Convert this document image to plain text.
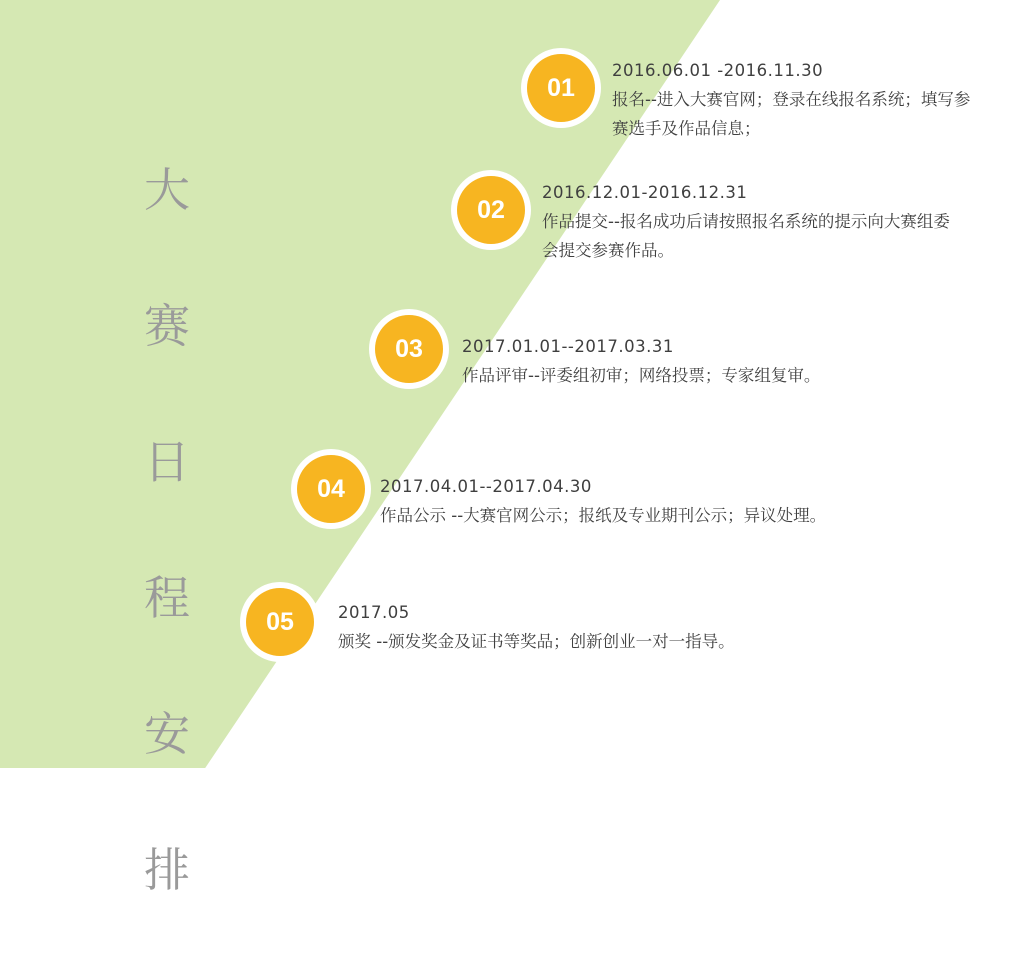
大

赛

日

程

安

排

01
2016.06.01 -2016.11.30
报名--进入大赛官网；登录在线报名系统；填写参赛选手及作品信息；
02
2016.12.01-2016.12.31
作品提交--报名成功后请按照报名系统的提示向大赛组委会提交参赛作品。
03	2017.01.01--2017.03.31
作品评审--评委组初审；网络投票；专家组复审。
04	2017.04.01--2017.04.30
作品公示 --大赛官网公示；报纸及专业期刊公示；异议处理。
05	2017.05
颁奖 --颁发奖金及证书等奖品；创新创业一对一指导。
